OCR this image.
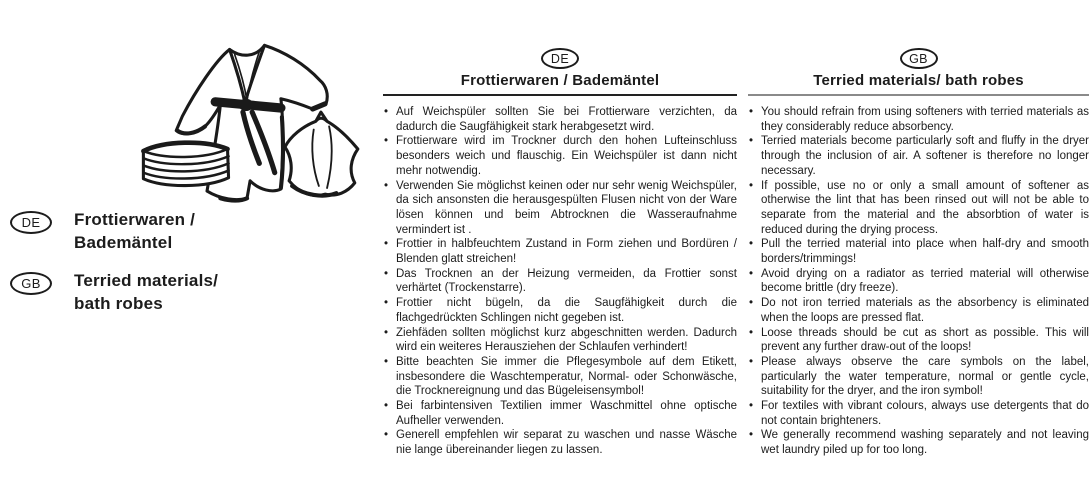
DE	Frottierwaren /
Bademäntel
GB	Terried materials/
bath robes
DE
Frottierwaren / Bademäntel
• Auf Weichspüler sollten Sie bei Frottierware verzichten, da dadurch die Saugfähigkeit stark herabgesetzt wird.
• Frottierware wird im Trockner durch den hohen Lufteinschluss besonders weich und flauschig. Ein Weichspüler ist dann nicht mehr notwendig.
• Verwenden Sie möglichst keinen oder nur sehr wenig Weichspüler, da sich ansonsten die herausgespülten Flusen nicht von der Ware lösen können und beim Abtrocknen die Wasseraufnahme vermindert ist .
• Frottier in halbfeuchtem Zustand in Form ziehen und Bordüren / Blenden glatt streichen!
• Das Trocknen an der Heizung vermeiden, da Frottier sonst verhärtet (Trockenstarre).
• Frottier nicht bügeln, da die Saugfähigkeit durch die flachgedrückten Schlingen nicht gegeben ist.
• Ziehfäden sollten möglichst kurz abgeschnitten werden. Dadurch wird ein weiteres Herausziehen der Schlaufen verhindert!
• Bitte beachten Sie immer die Pflegesymbole auf dem Etikett, insbesondere die Waschtemperatur, Normal- oder Schonwäsche, die Trocknereignung und das Bügeleisensymbol!
• Bei farbintensiven Textilien immer Waschmittel ohne optische Aufheller verwenden.
• Generell empfehlen wir separat zu waschen und nasse Wäsche nie lange übereinander liegen zu lassen.
GB
Terried materials/ bath robes
• You should refrain from using softeners with terried materials as they considerably reduce absorbency.
• Terried materials become particularly soft and fluffy in the dryer through the inclusion of air. A softener is therefore no longer necessary.
• If possible, use no or only a small amount of softener as otherwise the lint that has been rinsed out will not be able to separate from the material and the absorbtion of water is reduced during the drying process.
• Pull the terried material into place when half-dry and smooth borders/trimmings!
• Avoid drying on a radiator as terried material will otherwise become brittle (dry freeze).
• Do not iron terried materials as the absorbency is eliminated when the loops are pressed flat.
• Loose threads should be cut as short as possible. This will prevent any further draw-out of the loops!
• Please always observe the care symbols on the label, particularly the water temperature, normal or gentle cycle, suitability for the dryer, and the iron symbol!
• For textiles with vibrant colours, always use detergents that do not contain brighteners.
• We generally recommend washing separately and not leaving wet laundry piled up for too long.
